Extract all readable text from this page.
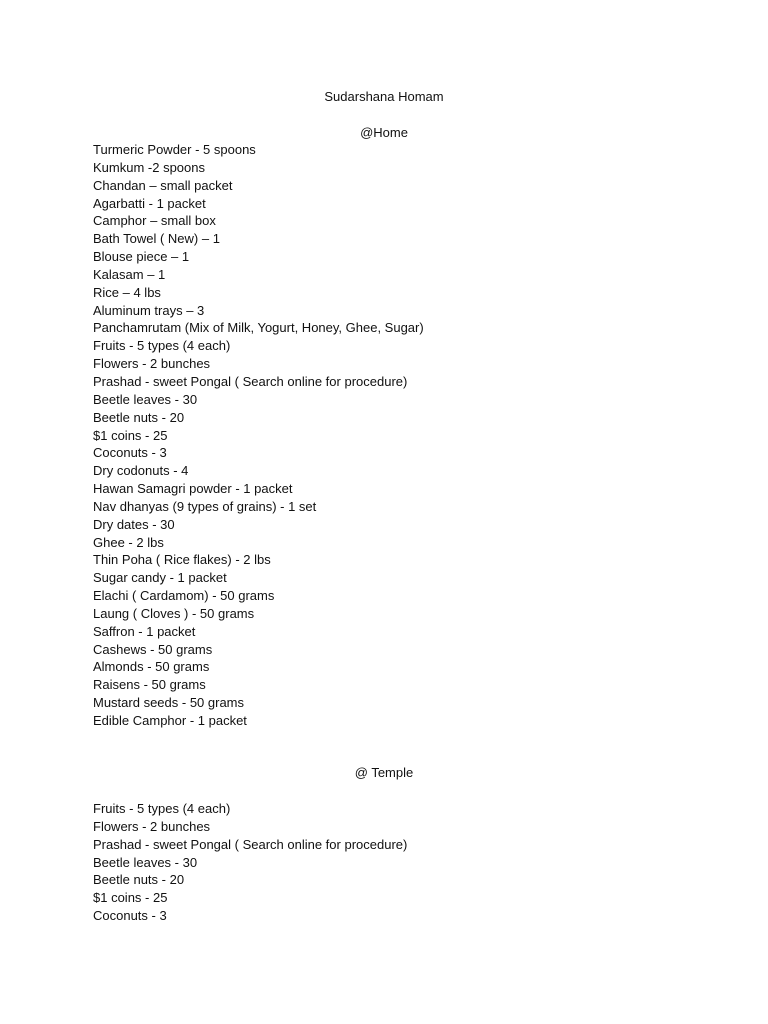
Sudarshana Homam
@Home
Turmeric Powder - 5 spoons
Kumkum -2 spoons
Chandan – small packet
Agarbatti - 1 packet
Camphor – small box
Bath Towel ( New) – 1
Blouse piece – 1
Kalasam – 1
Rice – 4 lbs
Aluminum trays – 3
Panchamrutam (Mix of Milk, Yogurt, Honey, Ghee, Sugar)
Fruits - 5 types (4 each)
Flowers - 2 bunches
Prashad - sweet Pongal ( Search online for procedure)
Beetle leaves - 30
Beetle nuts - 20
$1 coins - 25
Coconuts - 3
Dry codonuts - 4
Hawan Samagri powder - 1 packet
Nav dhanyas (9 types of grains) - 1 set
Dry dates - 30
Ghee - 2 lbs
Thin Poha ( Rice flakes) - 2 lbs
Sugar candy - 1 packet
Elachi ( Cardamom) - 50 grams
Laung ( Cloves ) - 50 grams
Saffron - 1 packet
Cashews - 50 grams
Almonds - 50 grams
Raisens - 50 grams
Mustard seeds - 50 grams
Edible Camphor - 1 packet
@ Temple
Fruits - 5 types (4 each)
Flowers - 2 bunches
Prashad - sweet Pongal ( Search online for procedure)
Beetle leaves - 30
Beetle nuts - 20
$1 coins - 25
Coconuts - 3
